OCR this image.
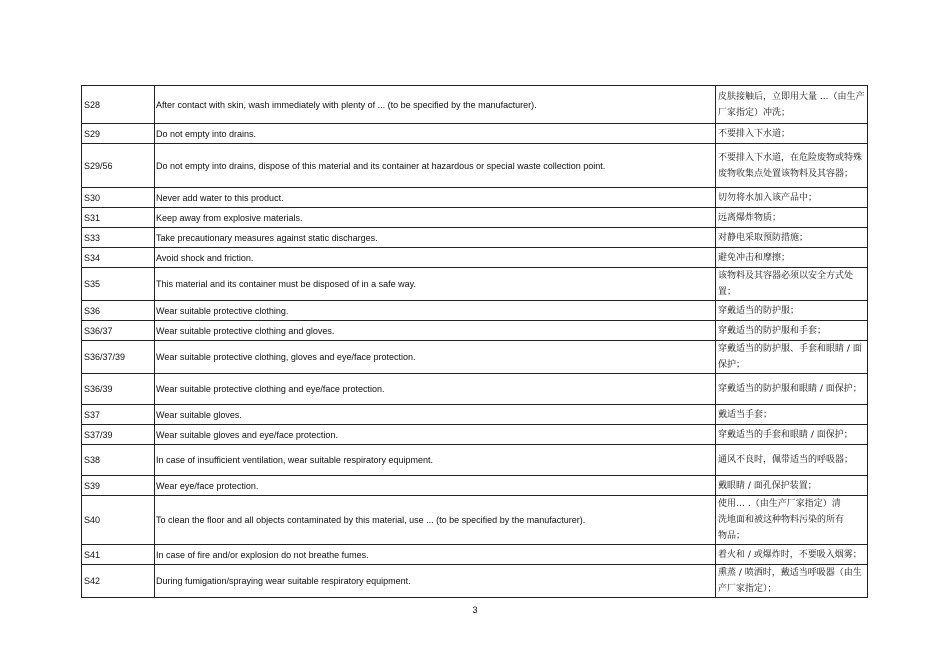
S28	After contact with skin, wash immediately with plenty of ... (to be specified by the manufacturer).	皮肤接触后，立即用大量 ...（由生产厂家指定）冲洗；
S29	Do not empty into drains.	不要排入下水道；
S29/56	Do not empty into drains, dispose of this material and its container at hazardous or special waste collection point.	不要排入下水道，在危险废物或特殊废物收集点处置该物料及其容器；
S30	Never add water to this product.	切勿将水加入该产品中；
S31	Keep away from explosive materials.	远离爆炸物质；
S33	Take precautionary measures against static discharges.	对静电采取预防措施；
S34	Avoid shock and friction.	避免冲击和摩擦；
S35	This material and its container must be disposed of in a safe way.	该物料及其容器必须以安全方式处置；
S36	Wear suitable protective clothing.	穿戴适当的防护服；
S36/37	Wear suitable protective clothing and gloves.	穿戴适当的防护服和手套；
S36/37/39	Wear suitable protective clothing, gloves and eye/face protection.	穿戴适当的防护服、手套和眼睛 / 面保护；
S36/39	Wear suitable protective clothing and eye/face protection.	穿戴适当的防护服和眼睛 / 面保护；
S37	Wear suitable gloves.	戴适当手套；
S37/39	Wear suitable gloves and eye/face protection.	穿戴适当的手套和眼睛 / 面保护；
S38	In case of insufficient ventilation, wear suitable respiratory equipment.	通风不良时，佩带适当的呼吸器；
S39	Wear eye/face protection.	戴眼睛 / 面孔保护装置；
S40	To clean the floor and all objects contaminated by this material, use ... (to be specified by the manufacturer).	使用… .（由生产厂家指定）清洗地面和被这种物料污染的所有物品；
S41	In case of fire and/or explosion do not breathe fumes.	着火和 / 或爆炸时，不要吸入烟雾；
S42	During fumigation/spraying wear suitable respiratory equipment.	熏蒸 / 喷洒时，戴适当呼吸器（由生产厂家指定）；
3
